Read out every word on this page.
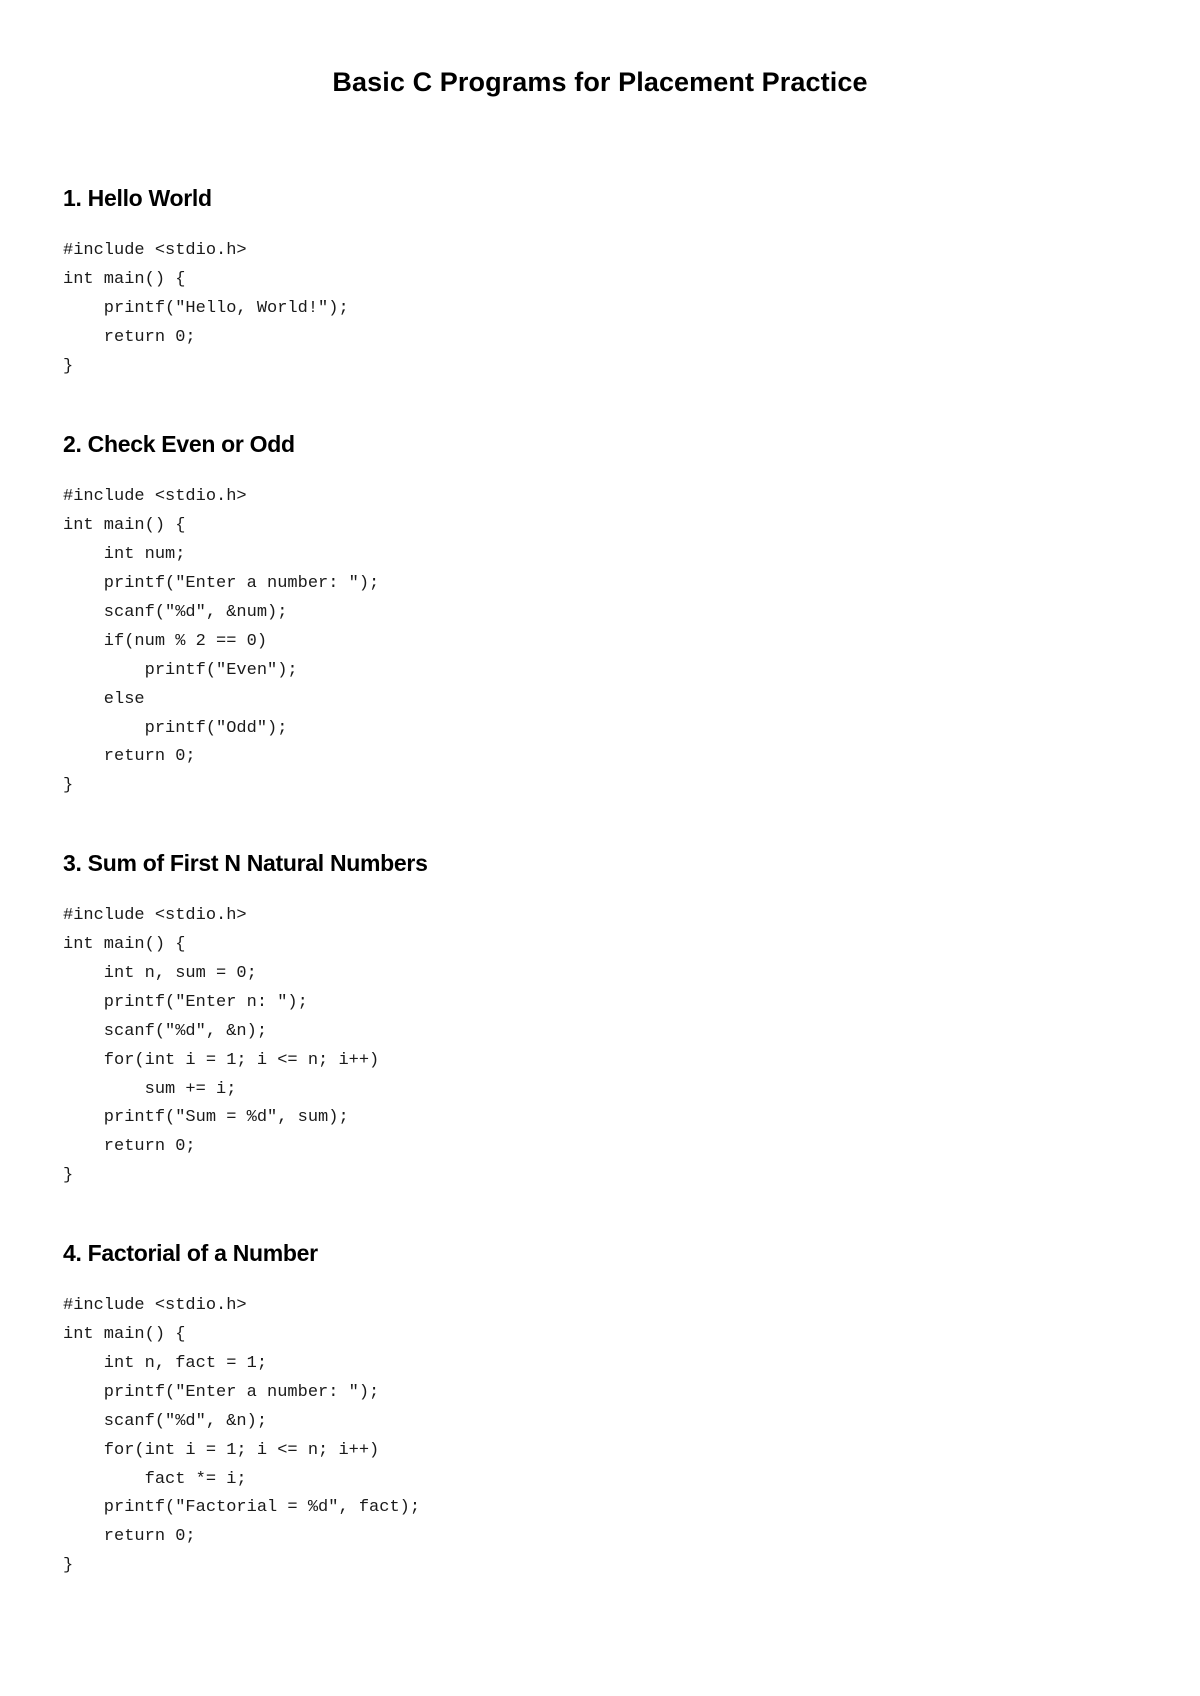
Basic C Programs for Placement Practice
1. Hello World
#include <stdio.h>
int main() {
printf("Hello, World!");
return 0;
}
2. Check Even or Odd
#include <stdio.h>
int main() {
int num;
printf("Enter a number: ");
scanf("%d", &num);
if(num % 2 == 0)
printf("Even");
else
printf("Odd");
return 0;
}
3. Sum of First N Natural Numbers
#include <stdio.h>
int main() {
int n, sum = 0;
printf("Enter n: ");
scanf("%d", &n);
for(int i = 1; i <= n; i++)
sum += i;
printf("Sum = %d", sum);
return 0;
}
4. Factorial of a Number
#include <stdio.h>
int main() {
int n, fact = 1;
printf("Enter a number: ");
scanf("%d", &n);
for(int i = 1; i <= n; i++)
fact *= i;
printf("Factorial = %d", fact);
return 0;
}
